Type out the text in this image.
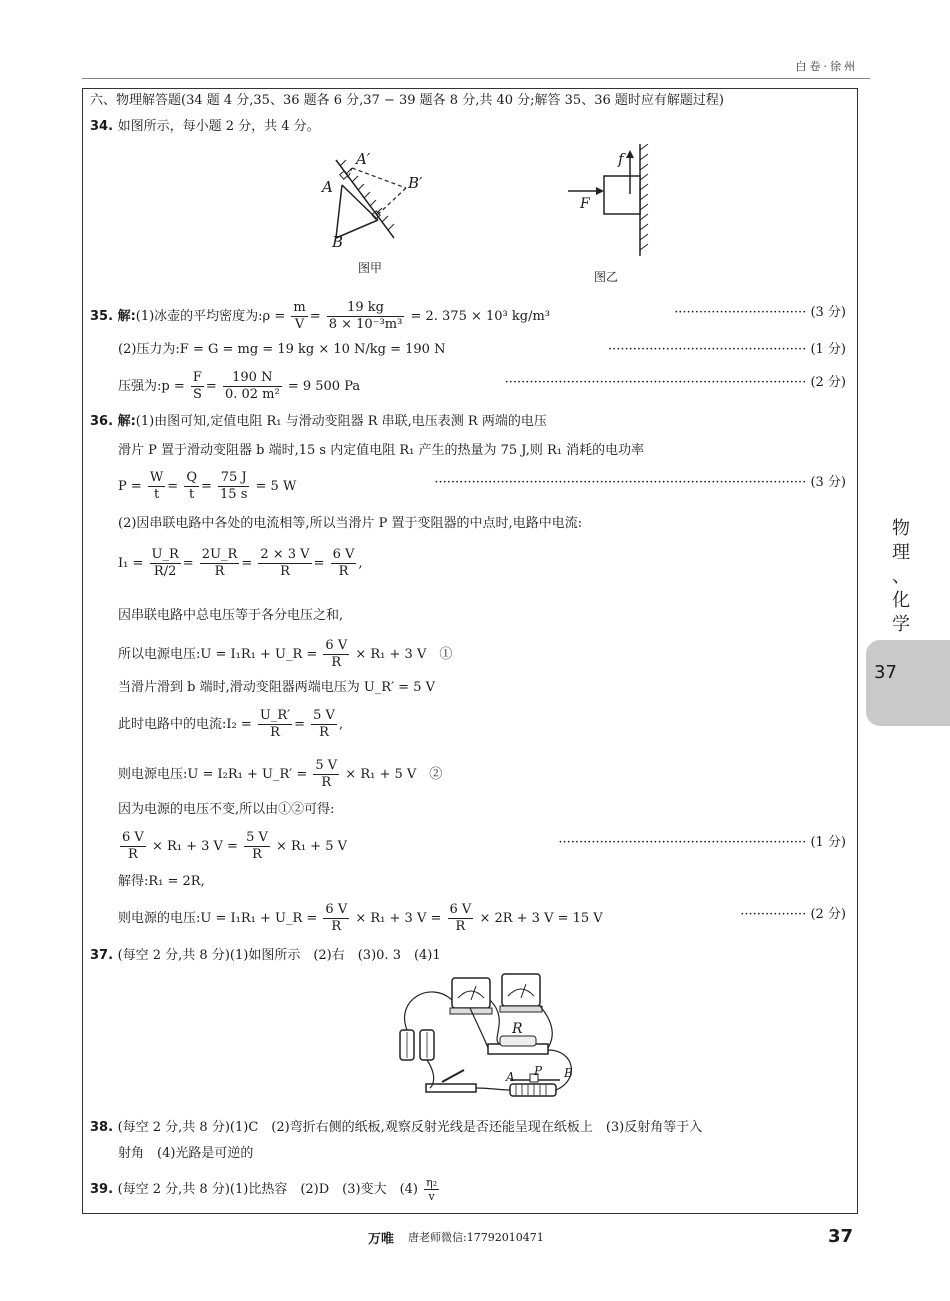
白卷·徐州
六、物理解答题(34 题 4 分,35、36 题各 6 分,37 − 39 题各 8 分,共 40 分;解答 35、36 题时应有解题过程)
34. 如图所示，每小题 2 分，共 4 分。
A
A′
B′
B
图甲
f
F
图乙
35. 解:(1)冰壶的平均密度为:ρ = $\frac{m}{V} = \frac{19 kg}{\text{8 × 10⁻³m³}} = 2$. 375 × 10³ kg/m³	································ (3 分)
(2)压力为:F = G = mg = 19 kg × 10 N/kg = 190 N	················································ (1 分)
压强为:p = $\frac{F}{S} = \frac{190 N}{\text{0. 02 m²}} = 9$ 500 Pa	········································································· (2 分)
36. 解:(1)由图可知,定值电阻 R₁ 与滑动变阻器 R 串联,电压表测 R 两端的电压
滑片 P 置于滑动变阻器 b 端时,15 s 内定值电阻 R₁ 产生的热量为 75 J,则 R₁ 消耗的电功率
$P = \frac{W}{t} = \frac{Q}{t} = \frac{75 J}{15 s} = 5$ W	·························································································· (3 分)
(2)因串联电路中各处的电流相等,所以当滑片 P 置于变阻器的中点时,电路中电流:
$I_1 = \frac{U\_R}{R/2} = \frac{2U\_R}{R} = \frac{2 \times 3 V}{R} = \frac{6 V}{R}$ ,
因串联电路中总电压等于各分电压之和,
所以电源电压:U = I₁R₁ + U_R = $\frac{6 V}{R} \times R_1 + 3$ V　①
当滑片滑到 b 端时,滑动变阻器两端电压为 U_R′ = 5 V
此时电路中的电流:I₂ = $\frac{U\_R'}{R} = \frac{5 V}{R}$ ,
则电源电压:U = I₂R₁ + U_R′ = $\frac{5 V}{R} \times R_1 + 5$ V　②
因为电源的电压不变,所以由①②可得:
$\frac{6 V}{R} \times R_1 + 3$ $V = \frac{5 V}{R} \times R_1 + 5$ V	···························································· (1 分)
解得:R₁ = 2R,
则电源的电压:U = I₁R₁ + U_R = $\frac{6 V}{R} \times R_1 + 3$ $V = \frac{6 V}{R} \times 2R + 3$ V = 15 V	················ (2 分)
37. (每空 2 分,共 8 分)(1)如图所示　(2)右　(3)0. 3　(4)1
R
A P B
38. (每空 2 分,共 8 分)(1)C　(2)弯折右侧的纸板,观察反射光线是否还能呈现在纸板上　(3)反射角等于入
射角　(4)光路是可逆的
39. (每空 2 分,共 8 分)(1)比热容　(2)D　(3)变大　$(4) \frac{\text{η₂}}{v}$
物
理
、
化
学
37
万唯 唐老师微信:17792010471	37
